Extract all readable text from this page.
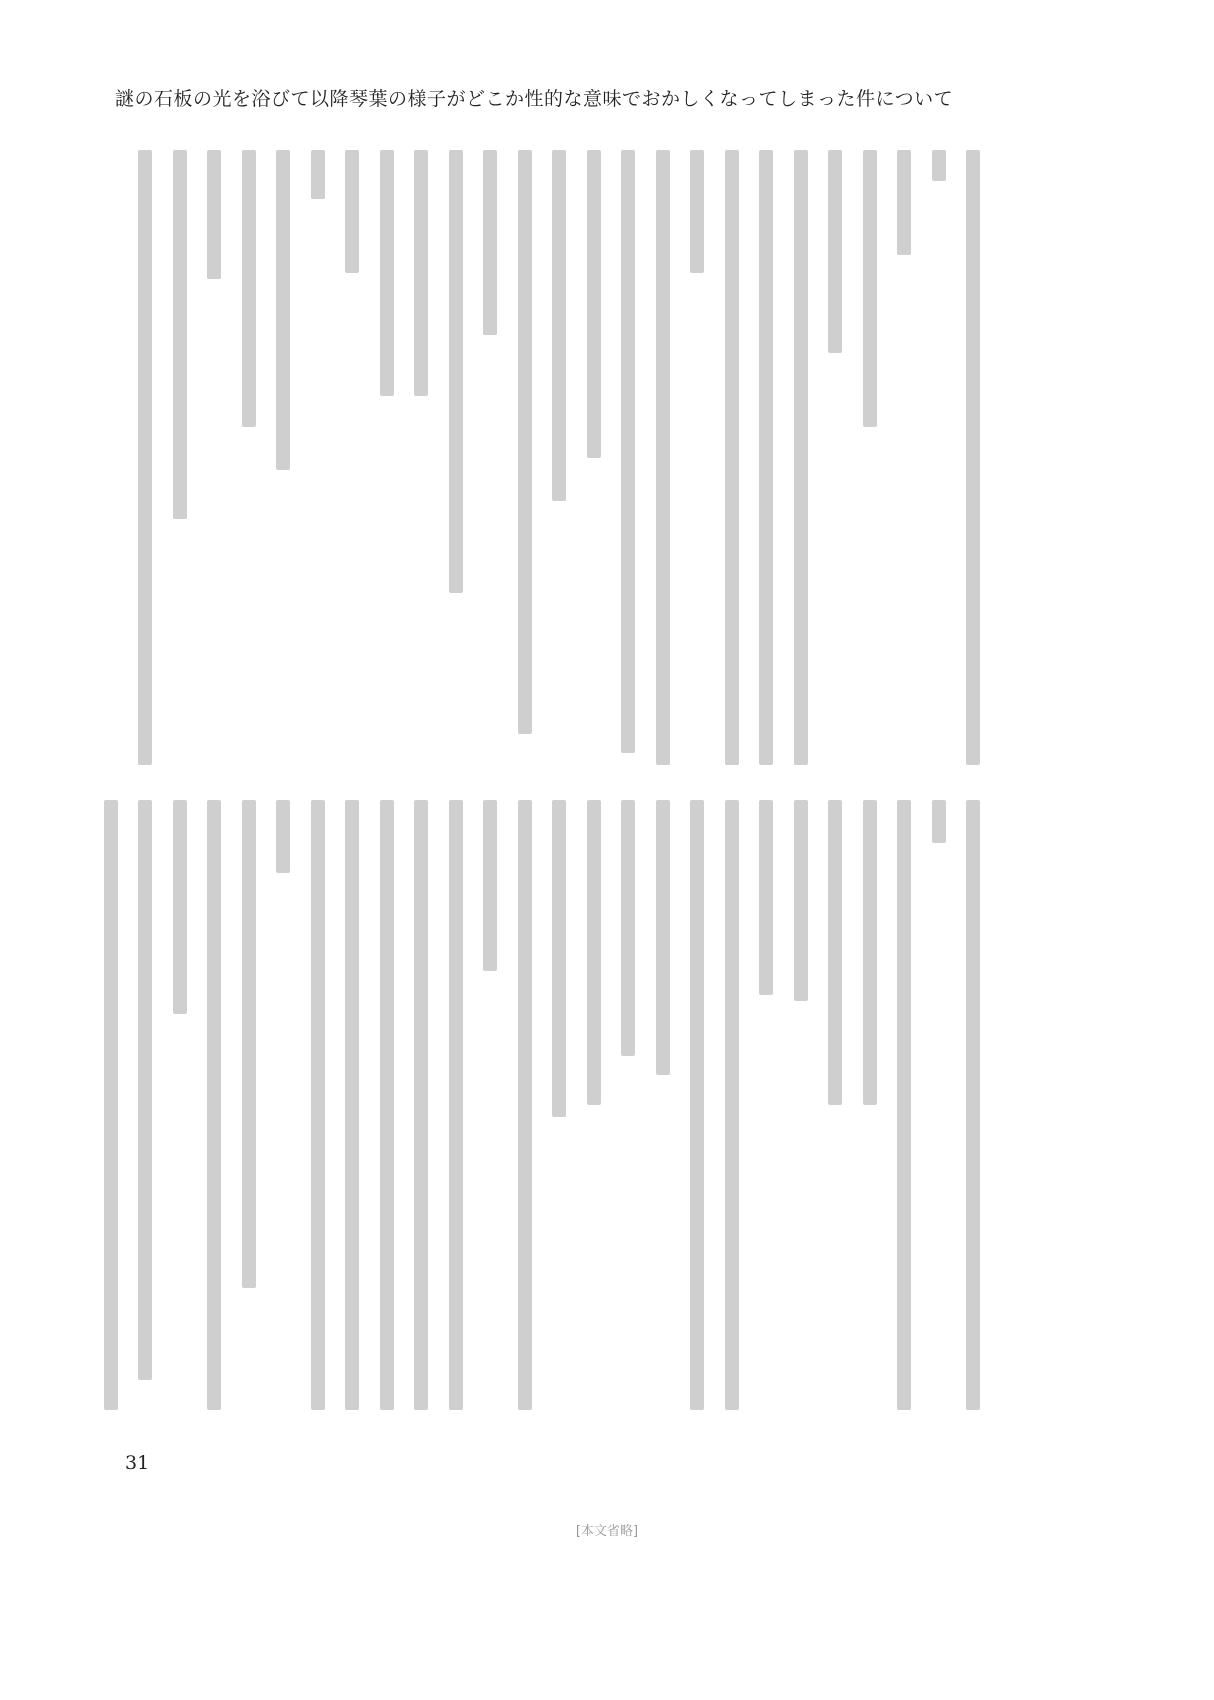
謎の石板の光を浴びて以降琴葉の様子がどこか性的な意味でおかしくなってしまった件について
31
[本文省略]
